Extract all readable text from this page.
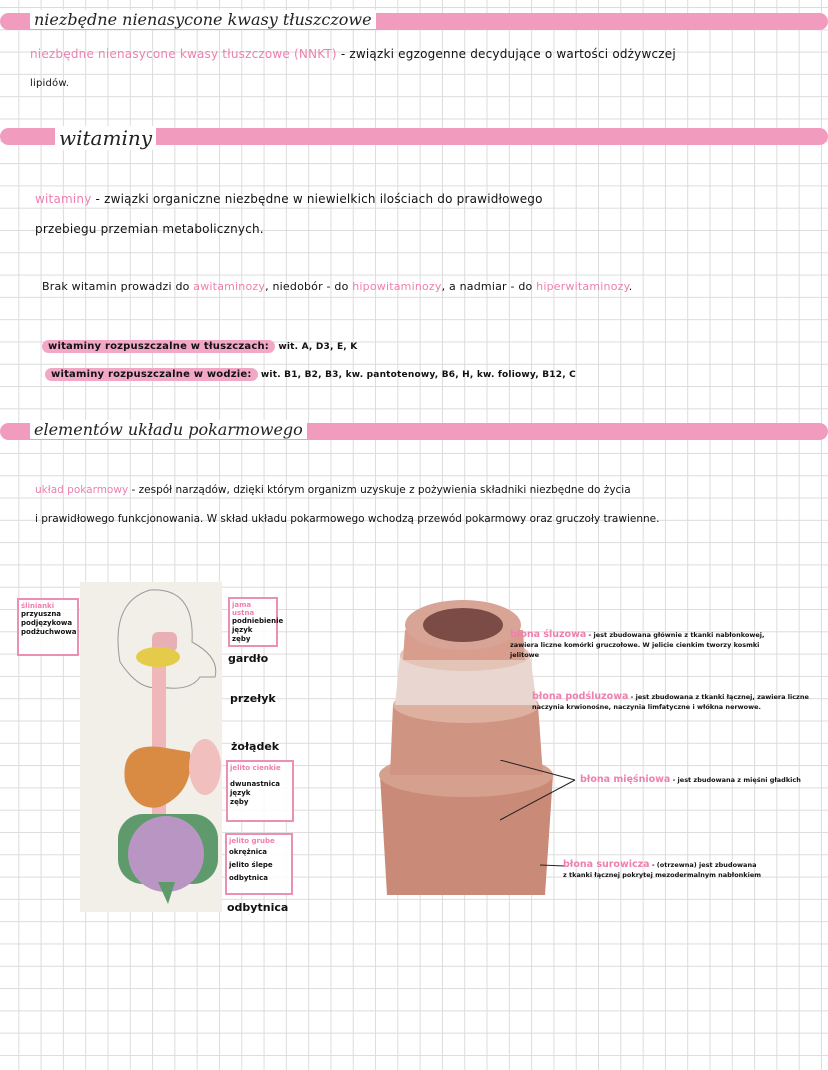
niezbędne nienasycone kwasy tłuszczowe
niezbędne nienasycone kwasy tłuszczowe (NNKT) - związki egzogenne decydujące o wartości odżywczej
lipidów.
witaminy
witaminy - związki organiczne niezbędne w niewielkich ilościach do prawidłowego
przebiegu przemian metabolicznych.
Brak witamin prowadzi do awitaminozy, niedobór - do hipowitaminozy, a nadmiar - do hiperwitaminozy.
witaminy rozpuszczalne w tłuszczach: wit. A, D3, E, K
witaminy rozpuszczalne w wodzie: wit. B1, B2, B3, kw. pantotenowy, B6, H, kw. foliowy, B12, C
elementów układu pokarmowego
układ pokarmowy - zespół narządów, dzięki którym organizm uzyskuje z pożywienia składniki niezbędne do życia
i prawidłowego funkcjonowania. W skład układu pokarmowego wchodzą przewód pokarmowy oraz gruczoły trawienne.
ślinianki
przyuszna
podjęzykowa
podżuchwowa
jama ustna
podniebienie
język
zęby
gardło
przełyk
żołądek
jelito cienkie
dwunastnica
język
zęby
jelito grube
okrężnica
jelito ślepe
odbytnica
odbytnica
błona śluzowa - jest zbudowana głównie z tkanki nabłonkowej,
zawiera liczne komórki gruczołowe. W jelicie cienkim tworzy kosmki
jelitowe
błona podśluzowa - jest zbudowana z tkanki łącznej, zawiera liczne
naczynia krwionośne, naczynia limfatyczne i włókna nerwowe.
błona mięśniowa - jest zbudowana z mięśni gładkich
błona surowicza - (otrzewna) jest zbudowana
z tkanki łącznej pokrytej mezodermalnym nabłonkiem
